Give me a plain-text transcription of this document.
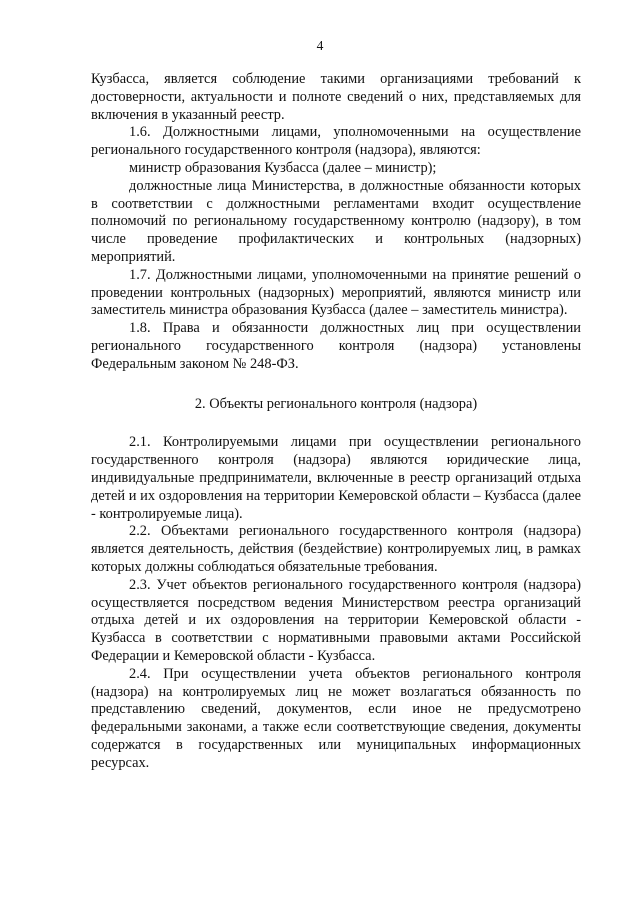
4

Кузбасса, является соблюдение такими организациями требований к достоверности, актуальности и полноте сведений о них, представляемых для включения в указанный реестр.

1.6. Должностными лицами, уполномоченными на осуществление регионального государственного контроля (надзора), являются:

министр образования Кузбасса (далее – министр);

должностные лица Министерства, в должностные обязанности которых в соответствии с должностными регламентами входит осуществление полномочий по региональному государственному контролю (надзору), в том числе проведение профилактических и контрольных (надзорных) мероприятий.

1.7. Должностными лицами, уполномоченными на принятие решений о проведении контрольных (надзорных) мероприятий, являются министр или заместитель министра образования Кузбасса (далее – заместитель министра).

1.8. Права и обязанности должностных лиц при осуществлении регионального государственного контроля (надзора) установлены Федеральным законом № 248-ФЗ.

2. Объекты регионального контроля (надзора)

2.1. Контролируемыми лицами при осуществлении регионального государственного контроля (надзора) являются юридические лица, индивидуальные предприниматели, включенные в реестр организаций отдыха детей и их оздоровления на территории Кемеровской области – Кузбасса (далее - контролируемые лица).

2.2. Объектами регионального государственного контроля (надзора) является деятельность, действия (бездействие) контролируемых лиц, в рамках которых должны соблюдаться обязательные требования.

2.3. Учет объектов регионального государственного контроля (надзора) осуществляется посредством ведения Министерством реестра организаций отдыха детей и их оздоровления на территории Кемеровской области - Кузбасса в соответствии с нормативными правовыми актами Российской Федерации и Кемеровской области - Кузбасса.

2.4. При осуществлении учета объектов регионального контроля (надзора) на контролируемых лиц не может возлагаться обязанность по представлению сведений, документов, если иное не предусмотрено федеральными законами, а также если соответствующие сведения, документы содержатся в государственных или муниципальных информационных ресурсах.
